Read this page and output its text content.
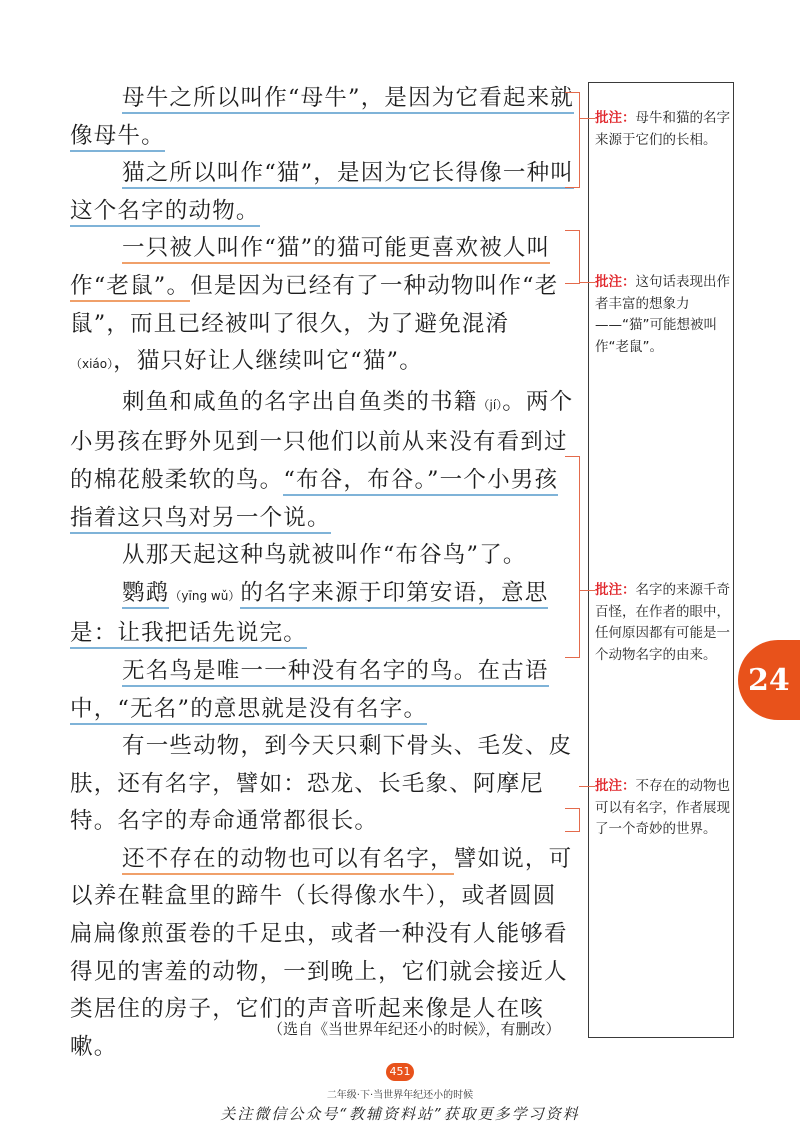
母牛之所以叫作“母牛”，是因为它看起来就像母牛。

猫之所以叫作“猫”，是因为它长得像一种叫这个名字的动物。

一只被人叫作“猫”的猫可能更喜欢被人叫作“老鼠”。但是因为已经有了一种动物叫作“老鼠”，而且已经被叫了很久，为了避免混淆（xiáo），猫只好让人继续叫它“猫”。

刺鱼和咸鱼的名字出自鱼类的书籍（jí）。两个小男孩在野外见到一只他们以前从来没有看到过的棉花般柔软的鸟。“布谷，布谷。”一个小男孩指着这只鸟对另一个说。

从那天起这种鸟就被叫作“布谷鸟”了。

鹦鹉（yīng wǔ）的名字来源于印第安语，意思是：让我把话先说完。

无名鸟是唯一一种没有名字的鸟。在古语中，“无名”的意思就是没有名字。

有一些动物，到今天只剩下骨头、毛发、皮肤，还有名字，譬如：恐龙、长毛象、阿摩尼特。名字的寿命通常都很长。

还不存在的动物也可以有名字，譬如说，可以养在鞋盒里的蹄牛（长得像水牛），或者圆圆扁扁像煎蛋卷的千足虫，或者一种没有人能够看得见的害羞的动物，一到晚上，它们就会接近人类居住的房子，它们的声音听起来像是人在咳嗽。

（选自《当世界年纪还小的时候》，有删改）
批注：母牛和猫的名字来源于它们的长相。
批注：这句话表现出作者丰富的想象力——“猫”可能想被叫作“老鼠”。
批注：名字的来源千奇百怪，在作者的眼中，任何原因都有可能是一个动物名字的由来。
批注：不存在的动物也可以有名字，作者展现了一个奇妙的世界。
24
451
二年级·下·当世界年纪还小的时候
关注微信公众号“教辅资料站”获取更多学习资料
